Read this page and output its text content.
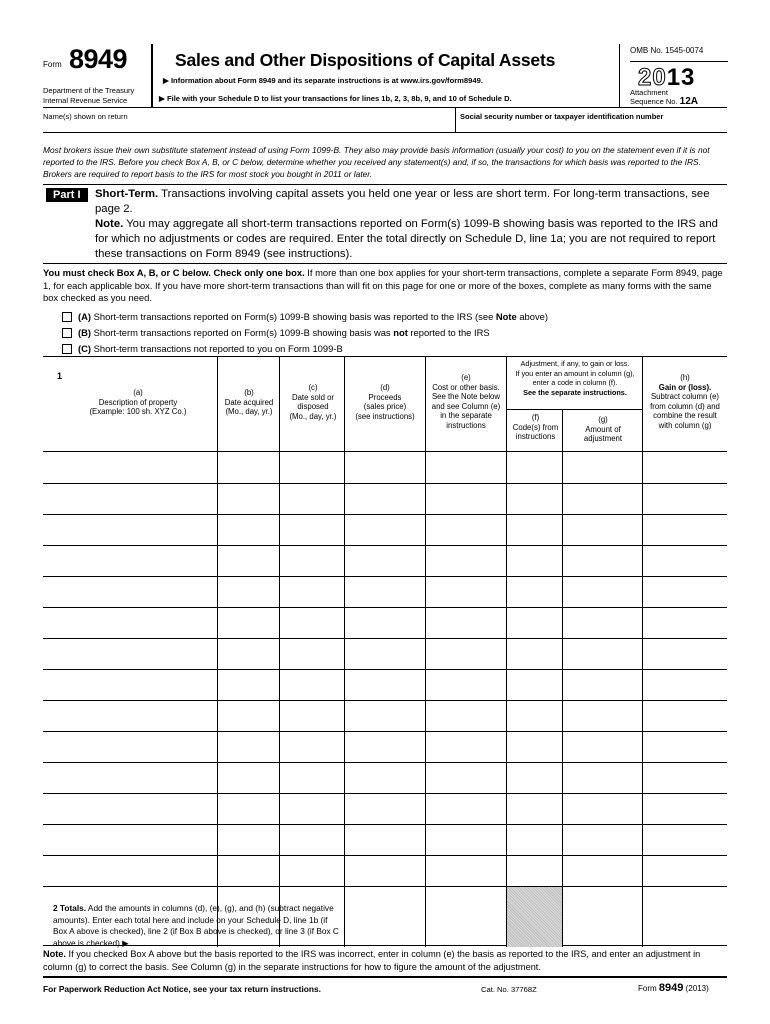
Form 8949
Department of the Treasury
Internal Revenue Service
Sales and Other Dispositions of Capital Assets
▶ Information about Form 8949 and its separate instructions is at www.irs.gov/form8949.
▶ File with your Schedule D to list your transactions for lines 1b, 2, 3, 8b, 9, and 10 of Schedule D.
OMB No. 1545-0074
2013
Attachment
Sequence No. 12A
Name(s) shown on return	Social security number or taxpayer identification number
Most brokers issue their own substitute statement instead of using Form 1099-B. They also may provide basis information (usually your cost) to you on the statement even if it is not reported to the IRS. Before you check Box A, B, or C below, determine whether you received any statement(s) and, if so, the transactions for which basis was reported to the IRS. Brokers are required to report basis to the IRS for most stock you bought in 2011 or later.
Part I	Short-Term. Transactions involving capital assets you held one year or less are short term. For long-term transactions, see page 2.
Note. You may aggregate all short-term transactions reported on Form(s) 1099-B showing basis was reported to the IRS and for which no adjustments or codes are required. Enter the total directly on Schedule D, line 1a; you are not required to report these transactions on Form 8949 (see instructions).
You must check Box A, B, or C below. Check only one box. If more than one box applies for your short-term transactions, complete a separate Form 8949, page 1, for each applicable box. If you have more short-term transactions than will fit on this page for one or more of the boxes, complete as many forms with the same box checked as you need.
(A)
Short-term transactions reported on Form(s) 1099-B showing basis was reported to the IRS (see Note above)
(B)
Short-term transactions reported on Form(s) 1099-B showing basis was not reported to the IRS
(C)
Short-term transactions not reported to you on Form 1099-B
1
(a)
Description of property
(Example: 100 sh. XYZ Co.)
(b)
Date acquired
(Mo., day, yr.)
(c)
Date sold or
disposed
(Mo., day, yr.)
(d)
Proceeds
(sales price)
(see instructions)
(e)
Cost or other basis.
See the Note below
and see Column (e)
in the separate
instructions
Adjustment, if any, to gain or loss.
If you enter an amount in column (g),
enter a code in column (f).
See the separate instructions.
(f)
Code(s) from
instructions
(g)
Amount of
adjustment
(h)
Gain or (loss).
Subtract column (e)
from column (d) and
combine the result
with column (g)
2 Totals. Add the amounts in columns (d), (e), (g), and (h) (subtract negative amounts). Enter each total here and include on your Schedule D, line 1b (if Box A above is checked), line 2 (if Box B above is checked), or line 3 (if Box C above is checked) ▶
Note. If you checked Box A above but the basis reported to the IRS was incorrect, enter in column (e) the basis as reported to the IRS, and enter an adjustment in column (g) to correct the basis. See Column (g) in the separate instructions for how to figure the amount of the adjustment.
For Paperwork Reduction Act Notice, see your tax return instructions.	Cat. No. 37768Z	Form 8949 (2013)
